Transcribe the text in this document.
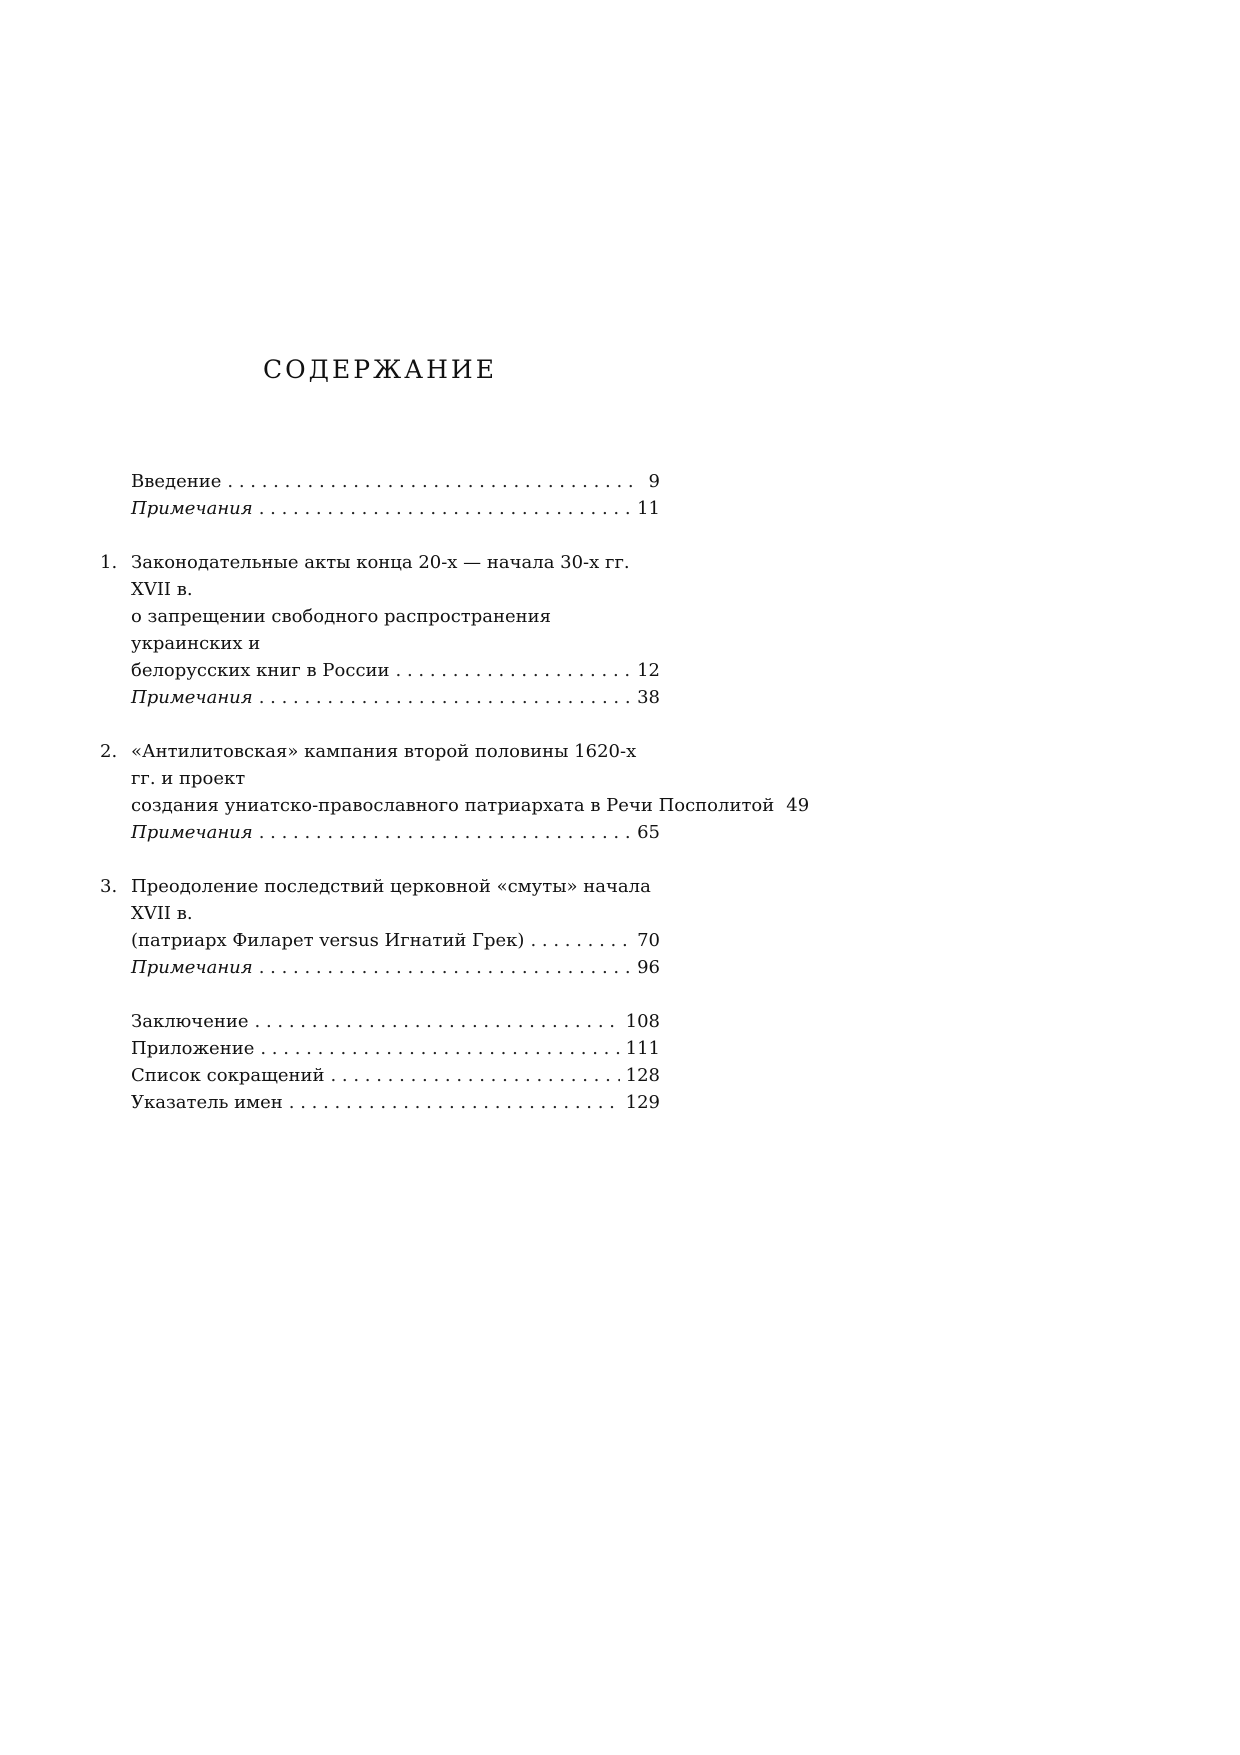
СОДЕРЖАНИЕ
Введение . . .	9
Примечания . . .	11
1. Законодательные акты конца 20-х — начала 30-х гг. XVII в.
о запрещении свободного распространения украинских и
белорусских книг в России . . .	12
Примечания . . .	38
2. «Антилитовская» кампания второй половины 1620-х гг. и проект
создания униатско-православного патриархата в Речи Посполитой 49
Примечания . . .	65
3. Преодоление последствий церковной «смуты» начала XVII в.
(патриарх Филарет versus Игнатий Грек) . . .	70
Примечания . . .	96
Заключение . . .	108
Приложение . . .	111
Список сокращений . . .	128
Указатель имен . . .	129
